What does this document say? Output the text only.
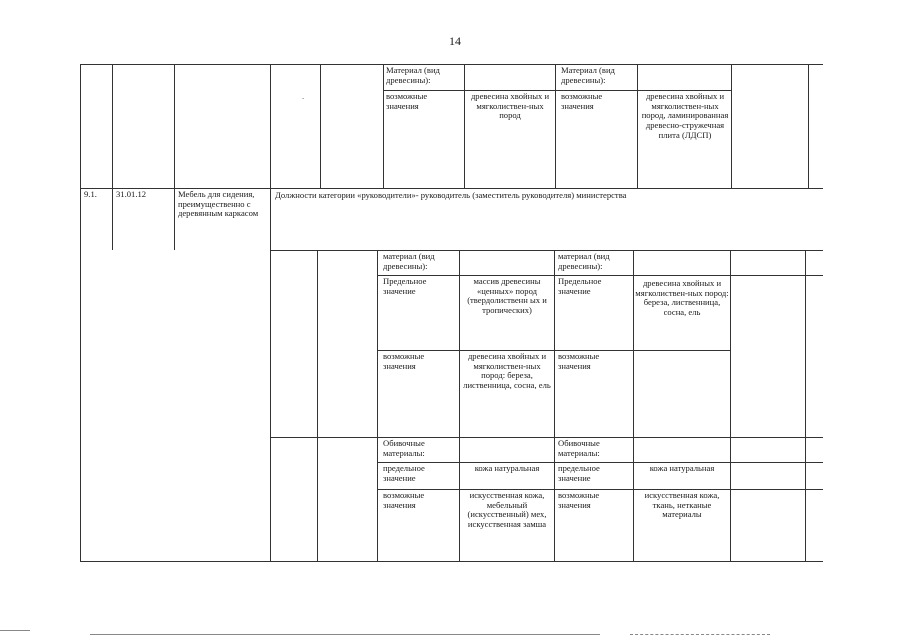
14
Материал (вид древесины):
возможные значения
древесина хвойных и мягколиствен-ных пород
Материал (вид древесины):
возможные значения
древесина хвойных и мягколиствен-ных пород, ламинированная древесно-стружечная плита (ЛДСП)
-
9.1.	31.01.12	Мебель для сидения, преимущественно с деревянным каркасом
Должности категории «руководители»- руководитель (заместитель руководителя) министерства
материал (вид древесины):
Предельное значение
массив древесины «ценных» пород (твердолиственн ых и тропических)
возможные значения
древесина хвойных и мягколиствен-ных пород: береза, лиственница, сосна, ель
материал (вид древесины):
Предельное значение
возможные значения
древесина хвойных и мягколиствен-ных пород: береза, лиственница, сосна, ель
Обивочные материалы:
предельное значение
кожа натуральная
возможные значения
искусственная кожа, мебельный (искусственный) мех, искусственная замша
Обивочные материалы:
предельное значение
кожа натуральная
возможные значения
искусственная кожа, ткань, нетканые материалы
